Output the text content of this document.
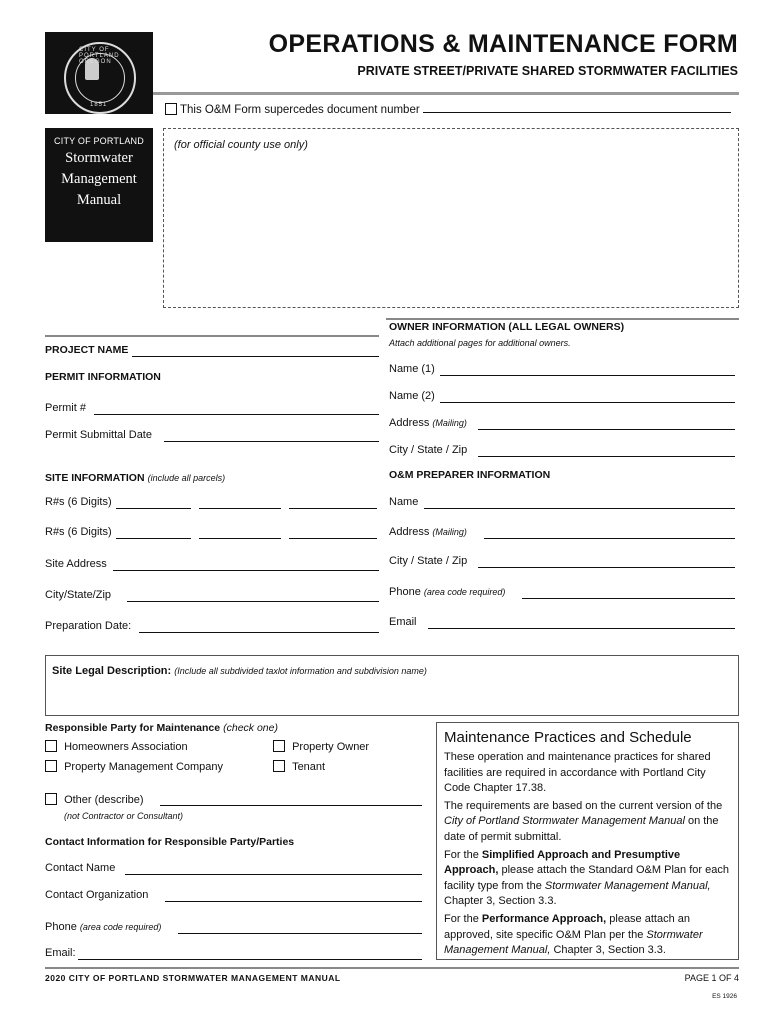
CITY OF PORTLAND OREGON
1851
OPERATIONS & MAINTENANCE FORM
PRIVATE STREET/PRIVATE SHARED STORMWATER FACILITIES
This O&M Form supercedes document number
CITY OF PORTLAND
Stormwater
Management
Manual
(for official county use only)
OWNER INFORMATION (ALL LEGAL OWNERS)
Attach additional pages for additional owners.
Name (1)
Name (2)
Address (Mailing)
City / State / Zip
O&M PREPARER INFORMATION
Name
Address (Mailing)
City / State / Zip
Phone (area code required)
Email
PROJECT NAME
PERMIT INFORMATION
Permit #
Permit Submittal Date
SITE INFORMATION (include all parcels)
R#s (6 Digits)
R#s (6 Digits)
Site Address
City/State/Zip
Preparation Date:
Site Legal Description: (Include all subdivided taxlot information and subdivision name)
Responsible Party for Maintenance (check one)
Homeowners Association
Property Management Company
Property Owner
Tenant
Other (describe)
(not Contractor or Consultant)
Contact Information for Responsible Party/Parties
Contact Name
Contact Organization
Phone (area code required)
Email:
Maintenance Practices and Schedule

These operation and maintenance practices for shared facilities are required in accordance with Portland City Code Chapter 17.38.

The requirements are based on the current version of the City of Portland Stormwater Management Manual on the date of permit submittal.

For the Simplified Approach and Presumptive Approach, please attach the Standard O&M Plan for each facility type from the Stormwater Management Manual, Chapter 3, Section 3.3.

For the Performance Approach, please attach an approved, site specific O&M Plan per the Stormwater Management Manual, Chapter 3, Section 3.3.

2020 CITY OF PORTLAND STORMWATER MANAGEMENT MANUAL	PAGE 1 OF 4
ES 1926
